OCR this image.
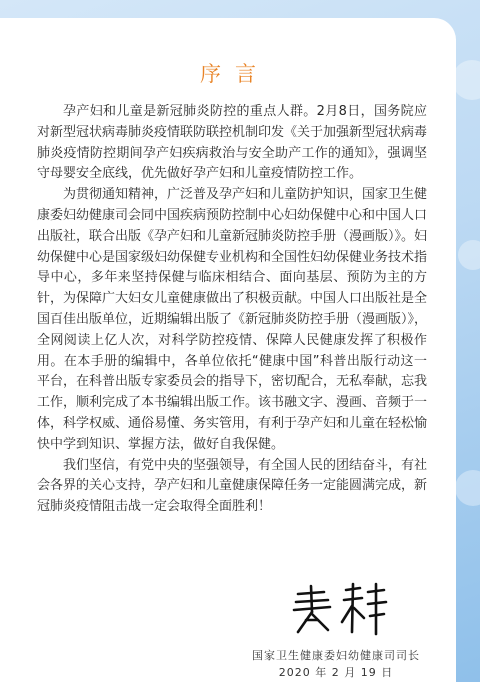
序言

孕产妇和儿童是新冠肺炎防控的重点人群。2月8日，国务院应对新型冠状病毒肺炎疫情联防联控机制印发《关于加强新型冠状病毒肺炎疫情防控期间孕产妇疾病救治与安全助产工作的通知》，强调坚守母婴安全底线，优先做好孕产妇和儿童疫情防控工作。

为贯彻通知精神，广泛普及孕产妇和儿童防护知识，国家卫生健康委妇幼健康司会同中国疾病预防控制中心妇幼保健中心和中国人口出版社，联合出版《孕产妇和儿童新冠肺炎防控手册（漫画版）》。妇幼保健中心是国家级妇幼保健专业机构和全国性妇幼保健业务技术指导中心，多年来坚持保健与临床相结合、面向基层、预防为主的方针，为保障广大妇女儿童健康做出了积极贡献。中国人口出版社是全国百佳出版单位，近期编辑出版了《新冠肺炎防控手册（漫画版）》，全网阅读上亿人次，对科学防控疫情、保障人民健康发挥了积极作用。在本手册的编辑中，各单位依托“健康中国”科普出版行动这一平台，在科普出版专家委员会的指导下，密切配合，无私奉献，忘我工作，顺利完成了本书编辑出版工作。该书融文字、漫画、音频于一体，科学权威、通俗易懂、务实管用，有利于孕产妇和儿童在轻松愉快中学到知识、掌握方法，做好自我保健。

我们坚信，有党中央的坚强领导，有全国人民的团结奋斗，有社会各界的关心支持，孕产妇和儿童健康保障任务一定能圆满完成，新冠肺炎疫情阻击战一定会取得全面胜利！

国家卫生健康委妇幼健康司司长
2020 年 2 月 19 日
